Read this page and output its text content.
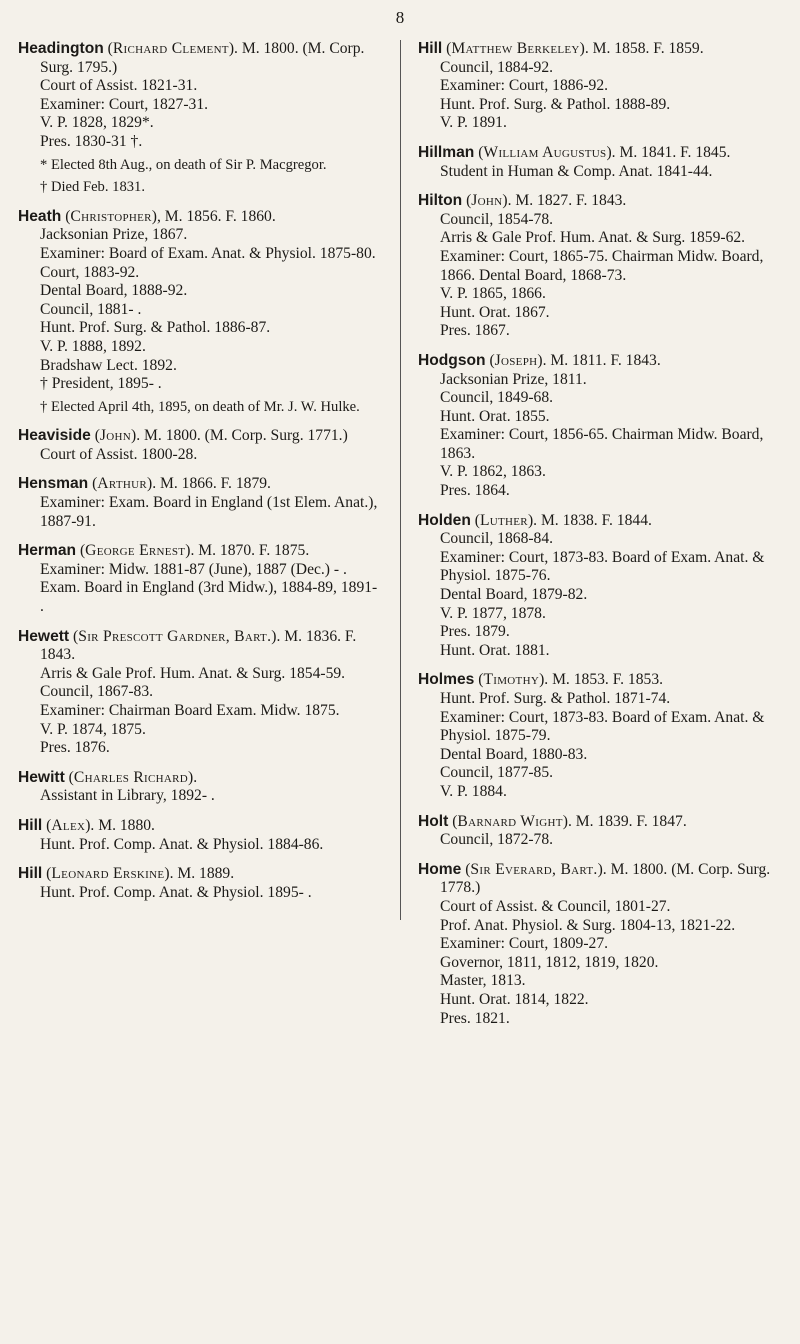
8
Headington (Richard Clement). M. 1800. (M. Corp. Surg. 1795.)
Court of Assist. 1821-31.
Examiner: Court, 1827-31.
V. P. 1828, 1829*.
Pres. 1830-31 †.
* Elected 8th Aug., on death of Sir P. Macgregor.
† Died Feb. 1831.
Heath (Christopher), M. 1856. F. 1860.
Jacksonian Prize, 1867.
Examiner: Board of Exam. Anat. & Physiol. 1875-80. Court, 1883-92.
Dental Board, 1888-92.
Council, 1881- .
Hunt. Prof. Surg. & Pathol. 1886-87.
V. P. 1888, 1892.
Bradshaw Lect. 1892.
† President, 1895- .
† Elected April 4th, 1895, on death of Mr. J. W. Hulke.
Heaviside (John). M. 1800. (M. Corp. Surg. 1771.)
Court of Assist. 1800-28.
Hensman (Arthur). M. 1866. F. 1879.
Examiner: Exam. Board in England (1st Elem. Anat.), 1887-91.
Herman (George Ernest). M. 1870. F. 1875.
Examiner: Midw. 1881-87 (June), 1887 (Dec.) - . Exam. Board in England (3rd Midw.), 1884-89, 1891- .
Hewett (Sir Prescott Gardner, Bart.). M. 1836. F. 1843.
Arris & Gale Prof. Hum. Anat. & Surg. 1854-59.
Council, 1867-83.
Examiner: Chairman Board Exam. Midw. 1875.
V. P. 1874, 1875.
Pres. 1876.
Hewitt (Charles Richard).
Assistant in Library, 1892- .
Hill (Alex). M. 1880.
Hunt. Prof. Comp. Anat. & Physiol. 1884-86.
Hill (Leonard Erskine). M. 1889.
Hunt. Prof. Comp. Anat. & Physiol. 1895- .
Hill (Matthew Berkeley). M. 1858. F. 1859.
Council, 1884-92.
Examiner: Court, 1886-92.
Hunt. Prof. Surg. & Pathol. 1888-89.
V. P. 1891.
Hillman (William Augustus). M. 1841. F. 1845.
Student in Human & Comp. Anat. 1841-44.
Hilton (John). M. 1827. F. 1843.
Council, 1854-78.
Arris & Gale Prof. Hum. Anat. & Surg. 1859-62.
Examiner: Court, 1865-75. Chairman Midw. Board, 1866. Dental Board, 1868-73.
V. P. 1865, 1866.
Hunt. Orat. 1867.
Pres. 1867.
Hodgson (Joseph). M. 1811. F. 1843.
Jacksonian Prize, 1811.
Council, 1849-68.
Hunt. Orat. 1855.
Examiner: Court, 1856-65. Chairman Midw. Board, 1863.
V. P. 1862, 1863.
Pres. 1864.
Holden (Luther). M. 1838. F. 1844.
Council, 1868-84.
Examiner: Court, 1873-83. Board of Exam. Anat. & Physiol. 1875-76.
Dental Board, 1879-82.
V. P. 1877, 1878.
Pres. 1879.
Hunt. Orat. 1881.
Holmes (Timothy). M. 1853. F. 1853.
Hunt. Prof. Surg. & Pathol. 1871-74.
Examiner: Court, 1873-83. Board of Exam. Anat. & Physiol. 1875-79.
Dental Board, 1880-83.
Council, 1877-85.
V. P. 1884.
Holt (Barnard Wight). M. 1839. F. 1847.
Council, 1872-78.
Home (Sir Everard, Bart.). M. 1800. (M. Corp. Surg. 1778.)
Court of Assist. & Council, 1801-27.
Prof. Anat. Physiol. & Surg. 1804-13, 1821-22.
Examiner: Court, 1809-27.
Governor, 1811, 1812, 1819, 1820.
Master, 1813.
Hunt. Orat. 1814, 1822.
Pres. 1821.
